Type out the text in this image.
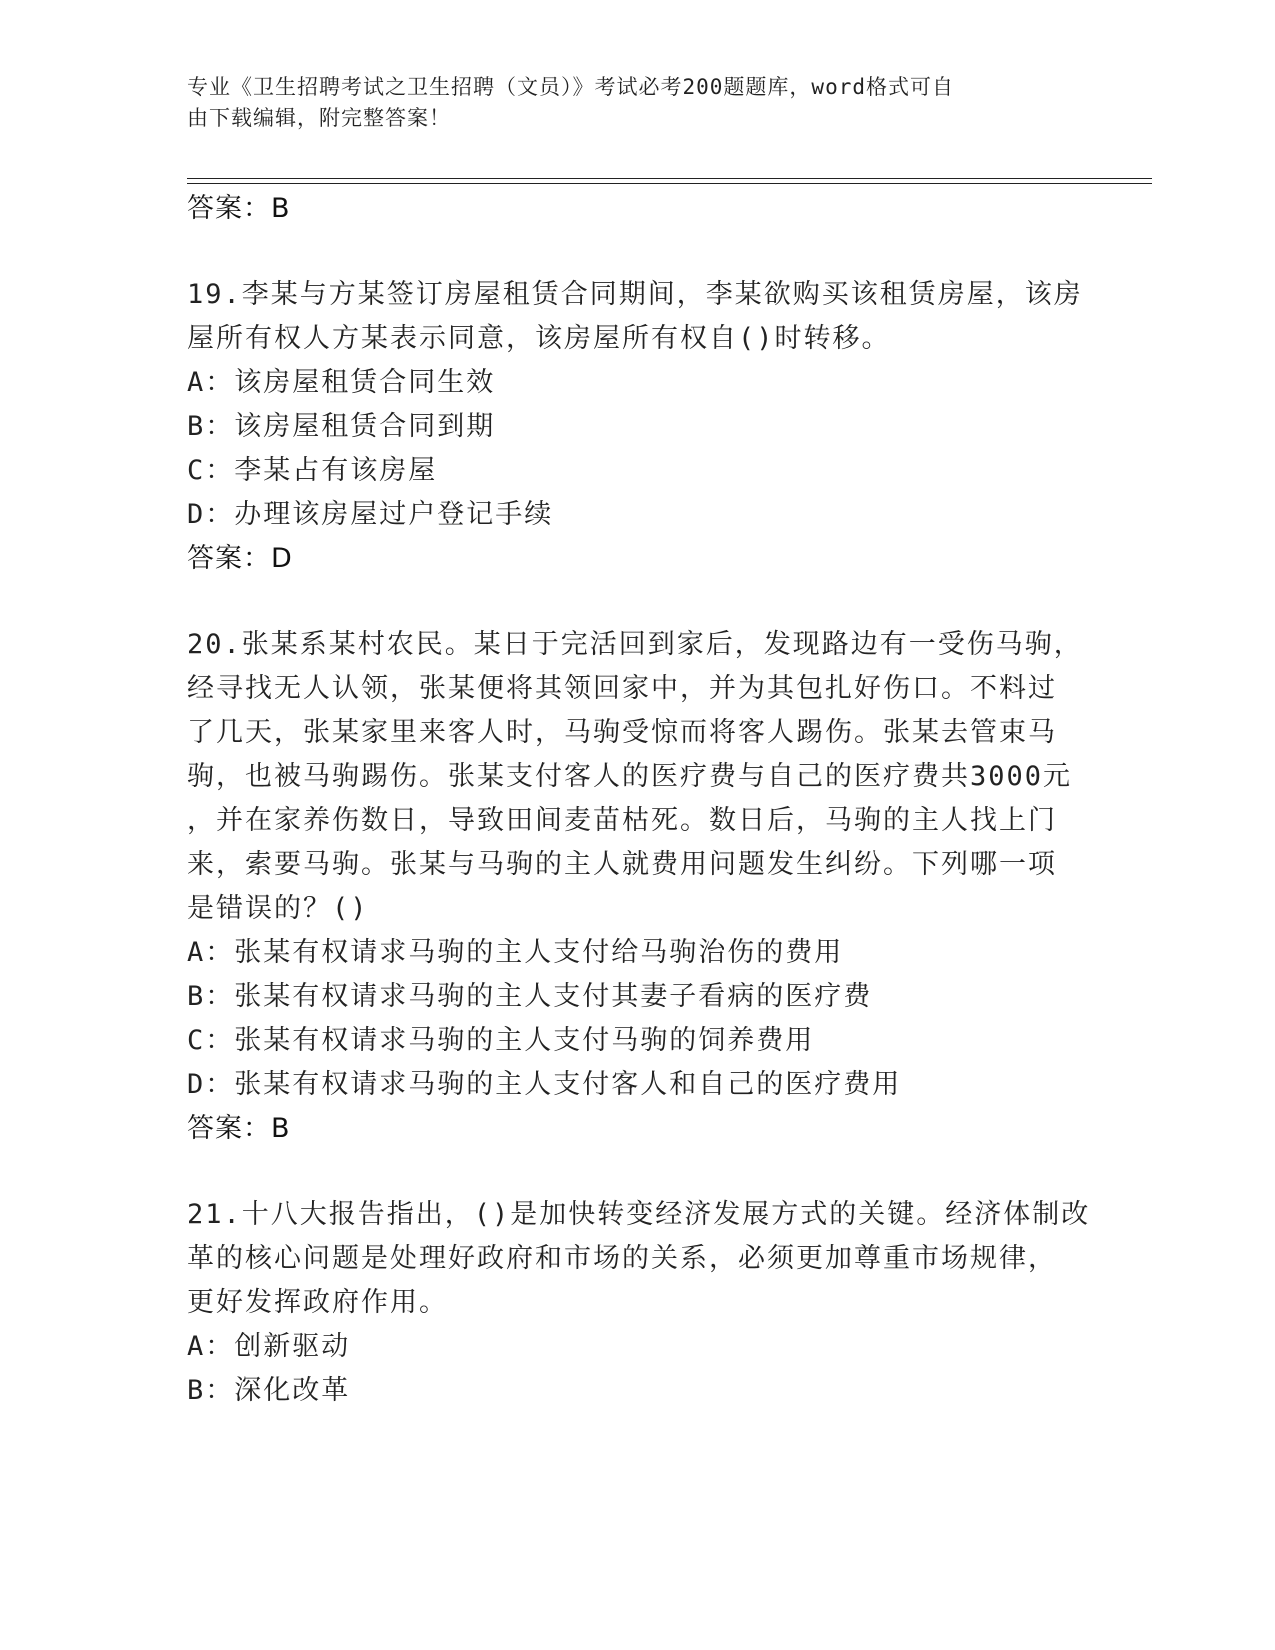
专业《卫生招聘考试之卫生招聘（文员）》考试必考200题题库，word格式可自
由下载编辑，附完整答案！
答案：B
19.李某与方某签订房屋租赁合同期间，李某欲购买该租赁房屋，该房
屋所有权人方某表示同意，该房屋所有权自()时转移。
A：该房屋租赁合同生效
B：该房屋租赁合同到期
C：李某占有该房屋
D：办理该房屋过户登记手续
答案：D
20.张某系某村农民。某日于完活回到家后，发现路边有一受伤马驹，
经寻找无人认领，张某便将其领回家中，并为其包扎好伤口。不料过
了几天，张某家里来客人时，马驹受惊而将客人踢伤。张某去管束马
驹，也被马驹踢伤。张某支付客人的医疗费与自己的医疗费共3000元
，并在家养伤数日，导致田间麦苗枯死。数日后，马驹的主人找上门
来，索要马驹。张某与马驹的主人就费用问题发生纠纷。下列哪一项
是错误的？()
A：张某有权请求马驹的主人支付给马驹治伤的费用
B：张某有权请求马驹的主人支付其妻子看病的医疗费
C：张某有权请求马驹的主人支付马驹的饲养费用
D：张某有权请求马驹的主人支付客人和自己的医疗费用
答案：B
21.十八大报告指出，()是加快转变经济发展方式的关键。经济体制改
革的核心问题是处理好政府和市场的关系，必须更加尊重市场规律，
更好发挥政府作用。
A：创新驱动
B：深化改革
